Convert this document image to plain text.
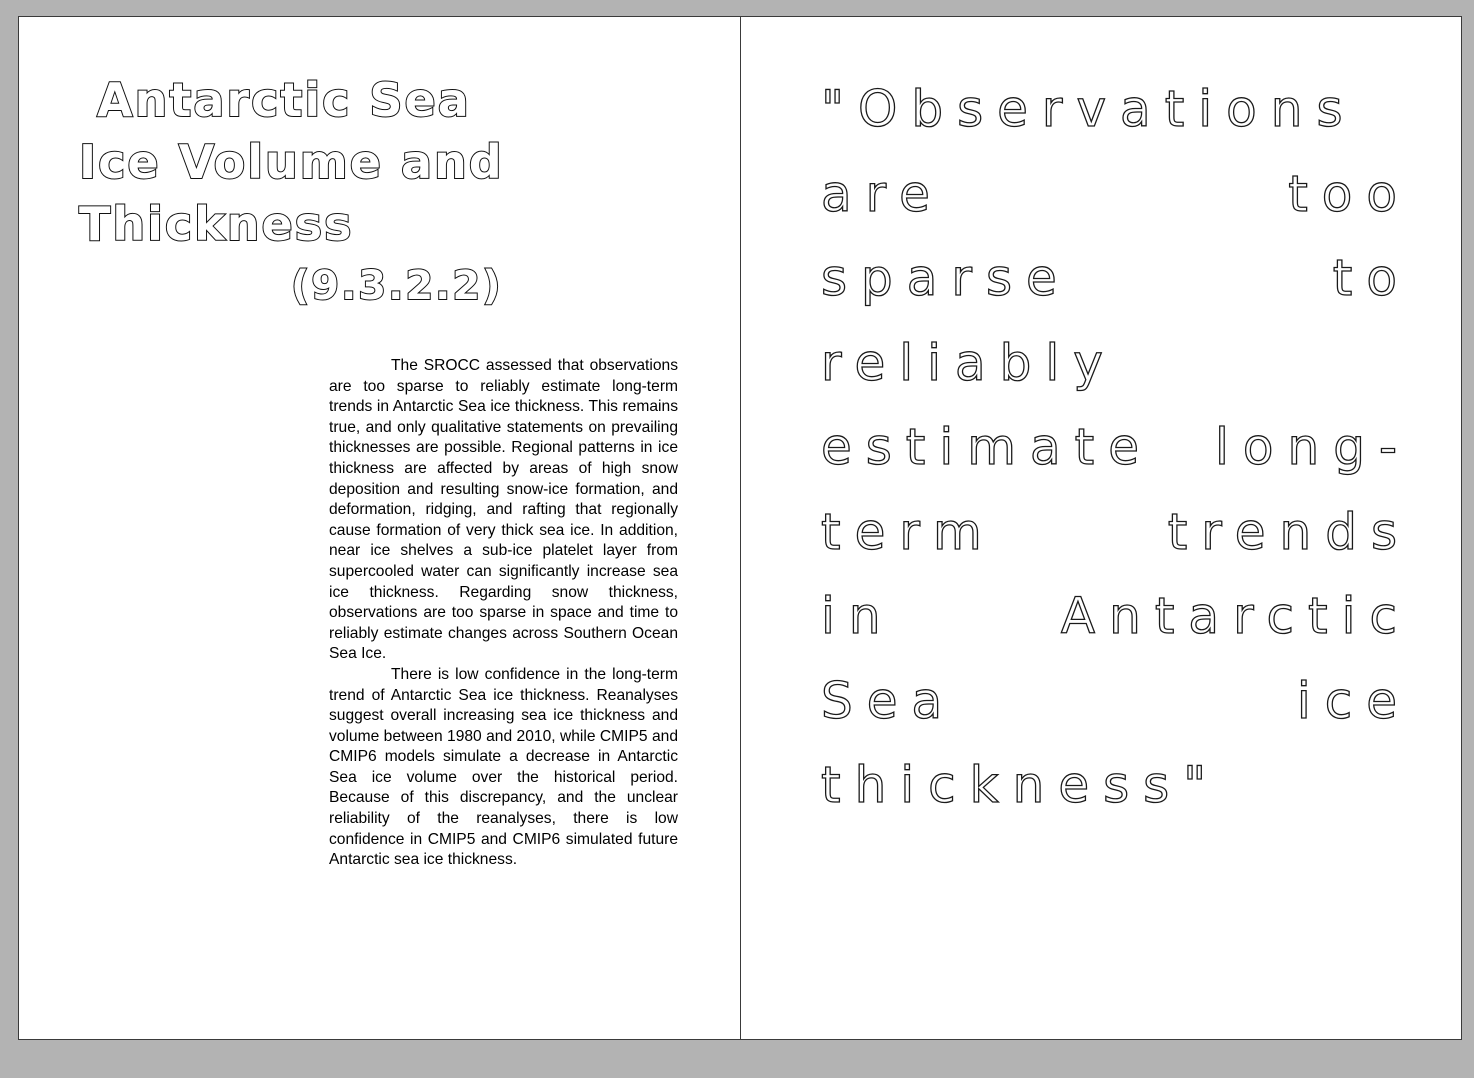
Antarctic Sea
Ice Volume and
Thickness
(9.3.2.2)

The SROCC assessed that observations are too sparse to reliably estimate long-term trends in Antarctic Sea ice thickness. This remains true, and only qualitative statements on prevailing thicknesses are possible. Regional patterns in ice thickness are affected by areas of high snow deposition and resulting snow-ice formation, and deformation, ridging, and rafting that regionally cause formation of very thick sea ice. In addition, near ice shelves a sub-ice platelet layer from supercooled water can significantly increase sea ice thickness. Regarding snow thickness, observations are too sparse in space and time to reliably estimate changes across Southern Ocean Sea Ice.

There is low confidence in the long-term trend of Antarctic Sea ice thickness. Reanalyses suggest overall increasing sea ice thickness and volume between 1980 and 2010, while CMIP5 and CMIP6 models simulate a decrease in Antarctic Sea ice volume over the historical period. Because of this discrepancy, and the unclear reliability of the reanalyses, there is low confidence in CMIP5 and CMIP6 simulated future Antarctic sea ice thickness.

"Observations are too sparse to reliably estimate long-term trends in Antarctic Sea ice thickness"
